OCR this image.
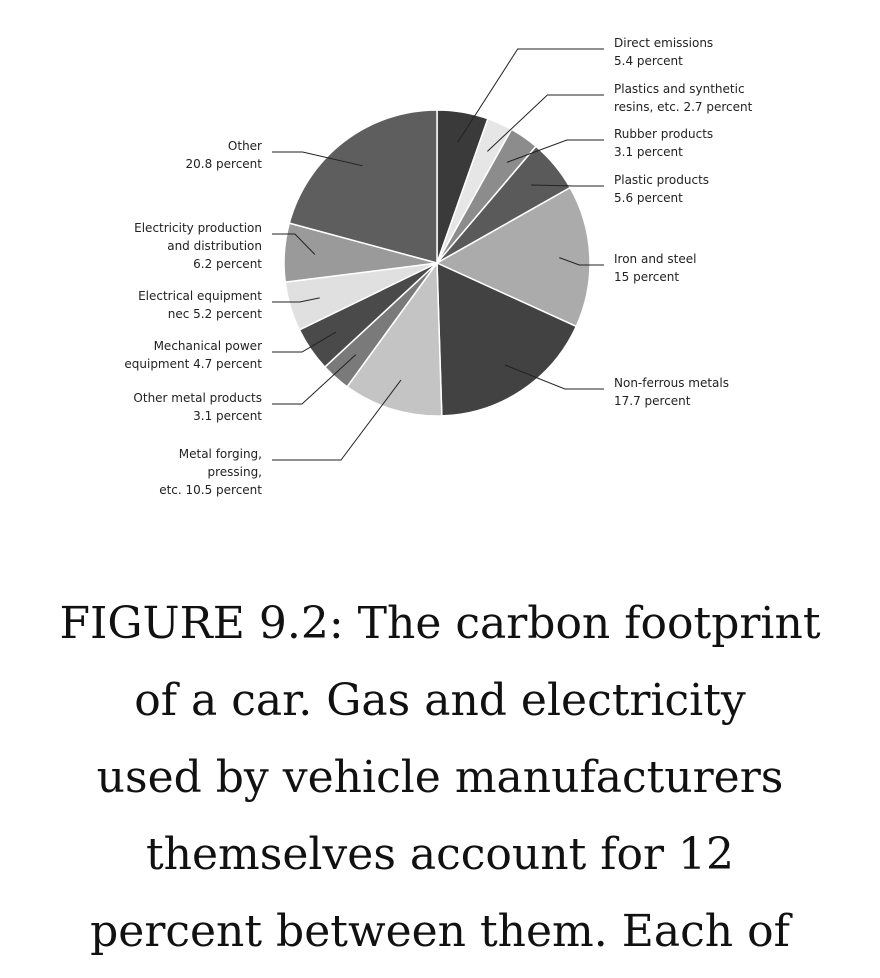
Direct emissions 5.4 percent
Plastics and synthetic resins, etc. 2.7 percent
Rubber products 3.1 percent
Plastic products 5.6 percent
Iron and steel 15 percent
Non-ferrous metals 17.7 percent
Metal forging, pressing, etc. 10.5 percent
Other metal products 3.1 percent
Mechanical power equipment 4.7 percent
Electrical equipment nec 5.2 percent
Electricity production and distribution 6.2 percent
Other 20.8 percent
FIGURE 9.2: The carbon footprint
of a car. Gas and electricity
used by vehicle manufacturers
themselves account for 12
percent between them. Each of
